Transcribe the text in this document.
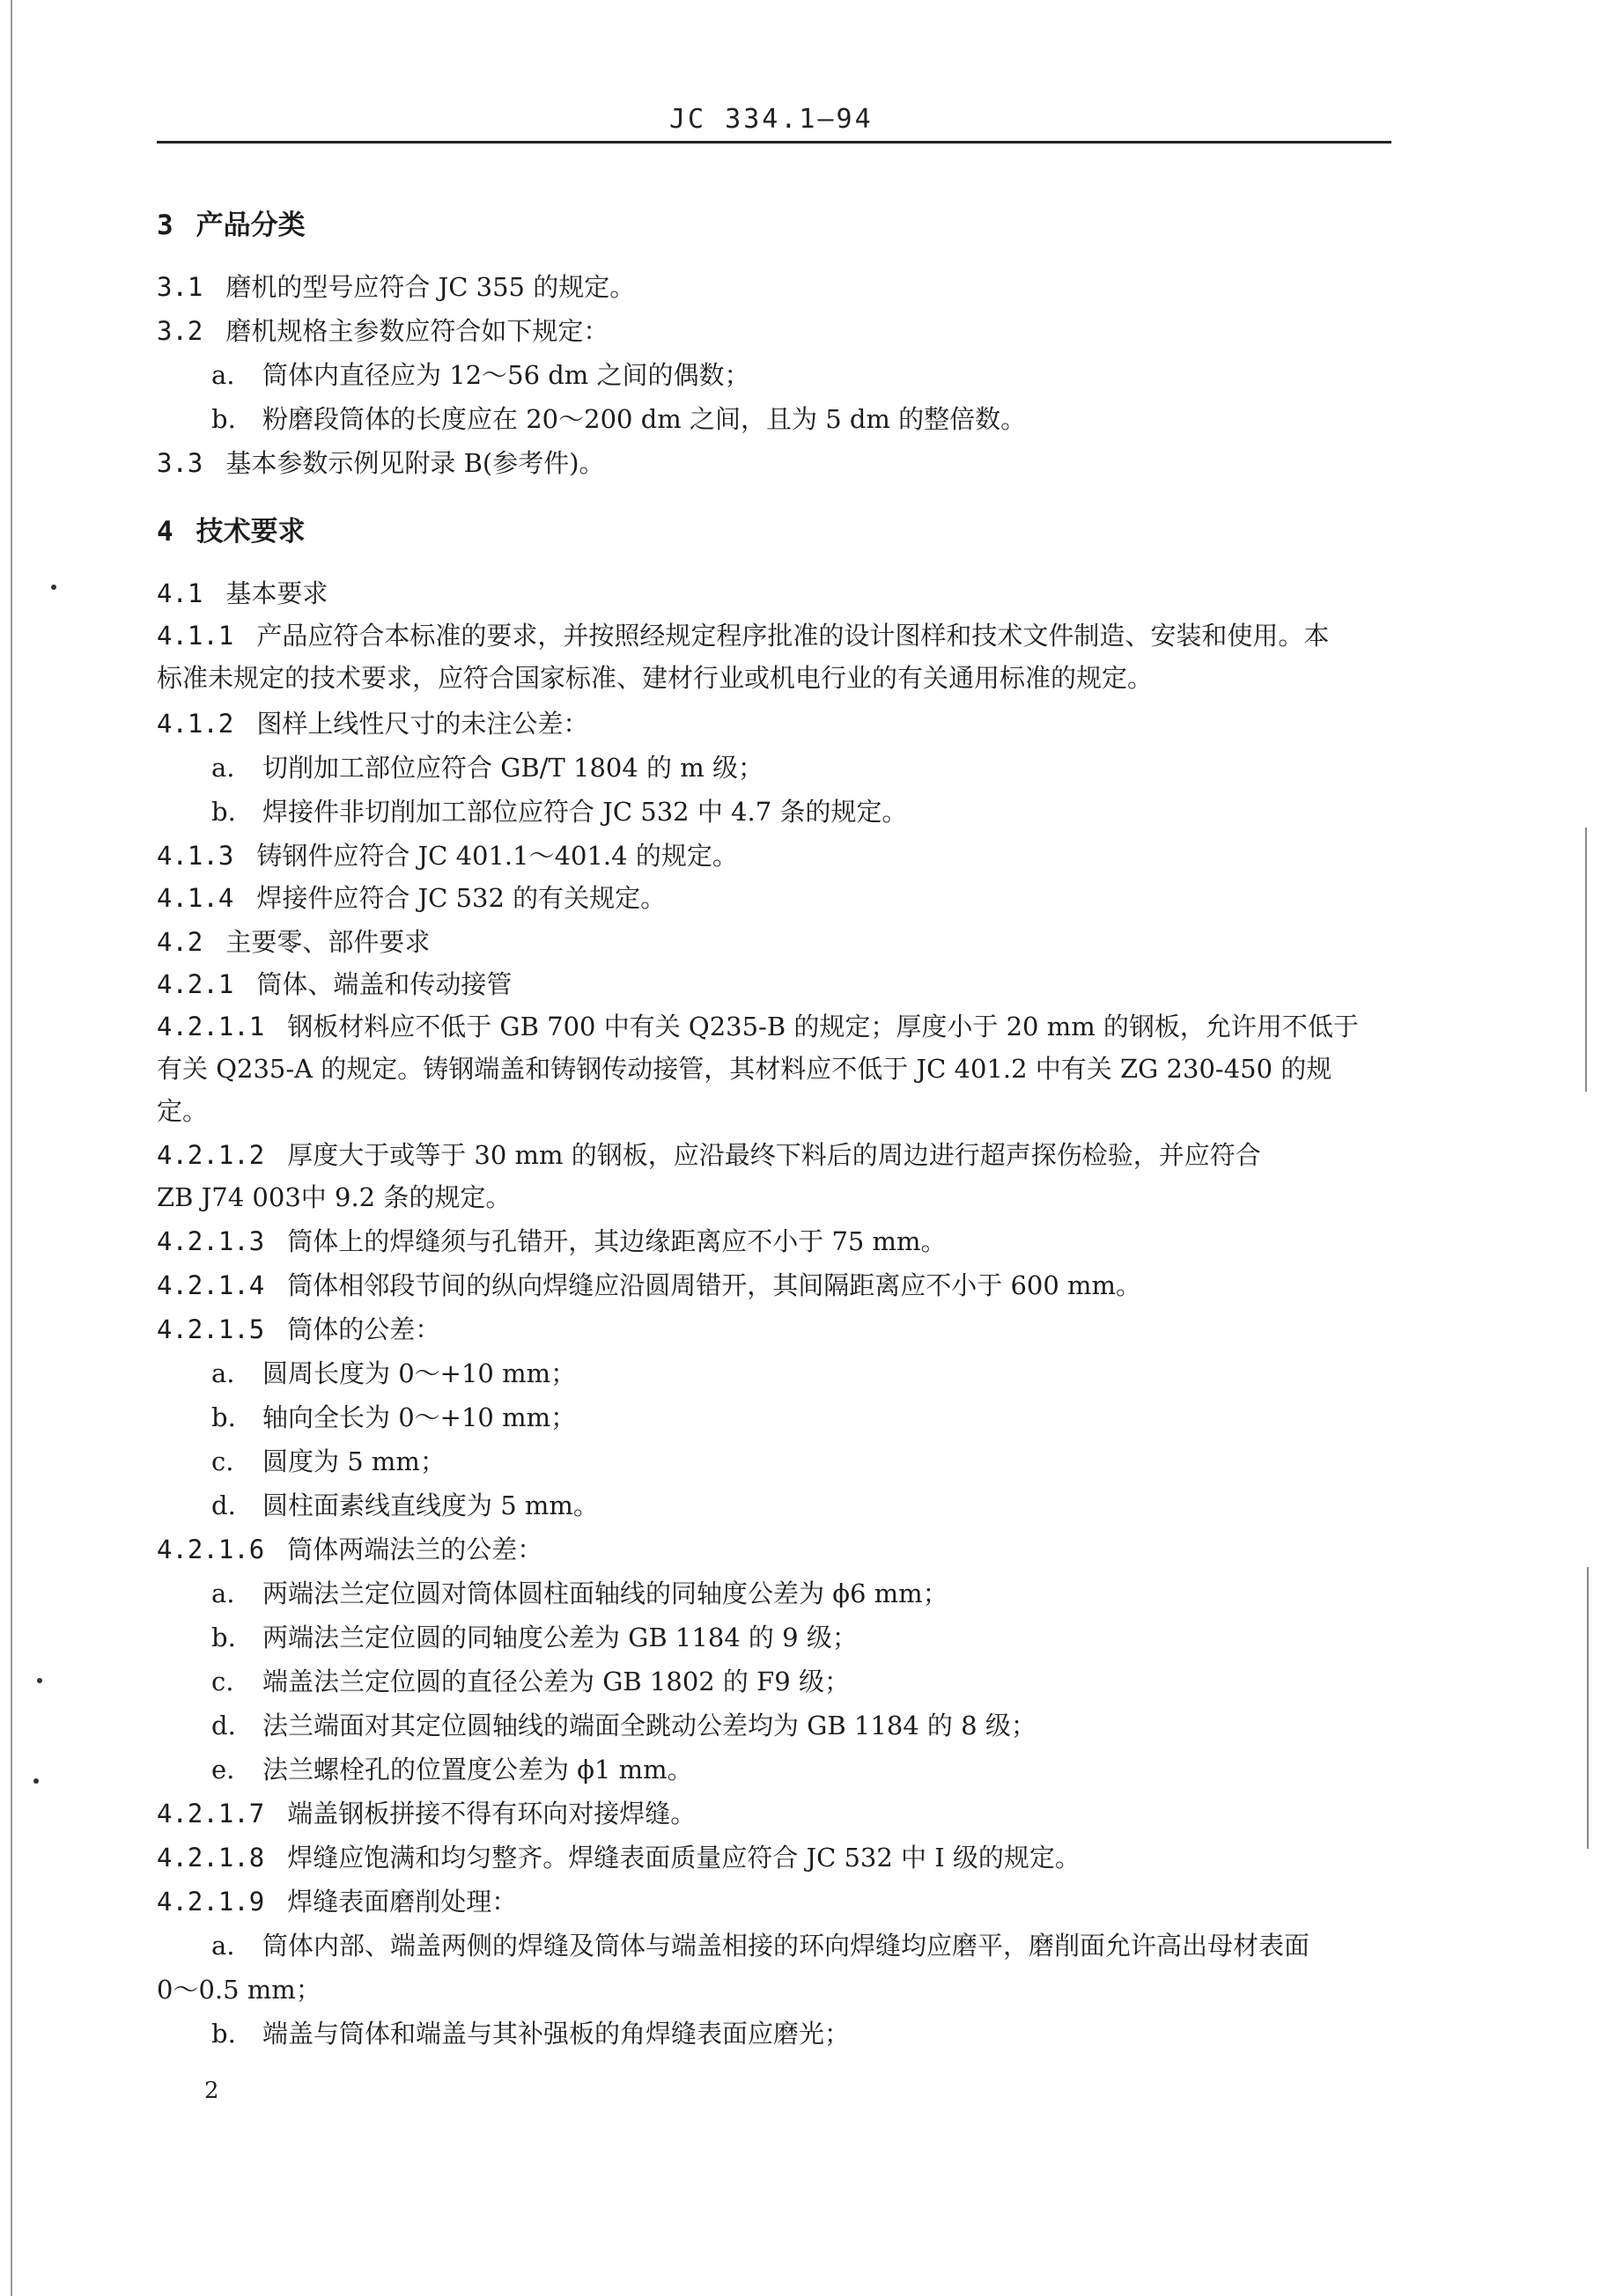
JC 334.1—94
3 产品分类
3.1 磨机的型号应符合 JC 355 的规定。
3.2 磨机规格主参数应符合如下规定：
a. 筒体内直径应为 12～56 dm 之间的偶数；
b. 粉磨段筒体的长度应在 20～200 dm 之间，且为 5 dm 的整倍数。
3.3 基本参数示例见附录 B(参考件)。
4 技术要求
4.1 基本要求
4.1.1 产品应符合本标准的要求，并按照经规定程序批准的设计图样和技术文件制造、安装和使用。本
标准未规定的技术要求，应符合国家标准、建材行业或机电行业的有关通用标准的规定。
4.1.2 图样上线性尺寸的未注公差：
a. 切削加工部位应符合 GB/T 1804 的 m 级；
b. 焊接件非切削加工部位应符合 JC 532 中 4.7 条的规定。
4.1.3 铸钢件应符合 JC 401.1～401.4 的规定。
4.1.4 焊接件应符合 JC 532 的有关规定。
4.2 主要零、部件要求
4.2.1 筒体、端盖和传动接管
4.2.1.1 钢板材料应不低于 GB 700 中有关 Q235-B 的规定；厚度小于 20 mm 的钢板，允许用不低于
有关 Q235-A 的规定。铸钢端盖和铸钢传动接管，其材料应不低于 JC 401.2 中有关 ZG 230-450 的规
定。
4.2.1.2 厚度大于或等于 30 mm 的钢板，应沿最终下料后的周边进行超声探伤检验，并应符合
ZB J74 003中 9.2 条的规定。
4.2.1.3 筒体上的焊缝须与孔错开，其边缘距离应不小于 75 mm。
4.2.1.4 筒体相邻段节间的纵向焊缝应沿圆周错开，其间隔距离应不小于 600 mm。
4.2.1.5 筒体的公差：
a. 圆周长度为 0～+10 mm；
b. 轴向全长为 0～+10 mm；
c. 圆度为 5 mm；
d. 圆柱面素线直线度为 5 mm。
4.2.1.6 筒体两端法兰的公差：
a. 两端法兰定位圆对筒体圆柱面轴线的同轴度公差为 ϕ6 mm；
b. 两端法兰定位圆的同轴度公差为 GB 1184 的 9 级；
c. 端盖法兰定位圆的直径公差为 GB 1802 的 F9 级；
d. 法兰端面对其定位圆轴线的端面全跳动公差均为 GB 1184 的 8 级；
e. 法兰螺栓孔的位置度公差为 ϕ1 mm。
4.2.1.7 端盖钢板拼接不得有环向对接焊缝。
4.2.1.8 焊缝应饱满和均匀整齐。焊缝表面质量应符合 JC 532 中 I 级的规定。
4.2.1.9 焊缝表面磨削处理：
a. 筒体内部、端盖两侧的焊缝及筒体与端盖相接的环向焊缝均应磨平，磨削面允许高出母材表面
0～0.5 mm；
b. 端盖与筒体和端盖与其补强板的角焊缝表面应磨光；
2
